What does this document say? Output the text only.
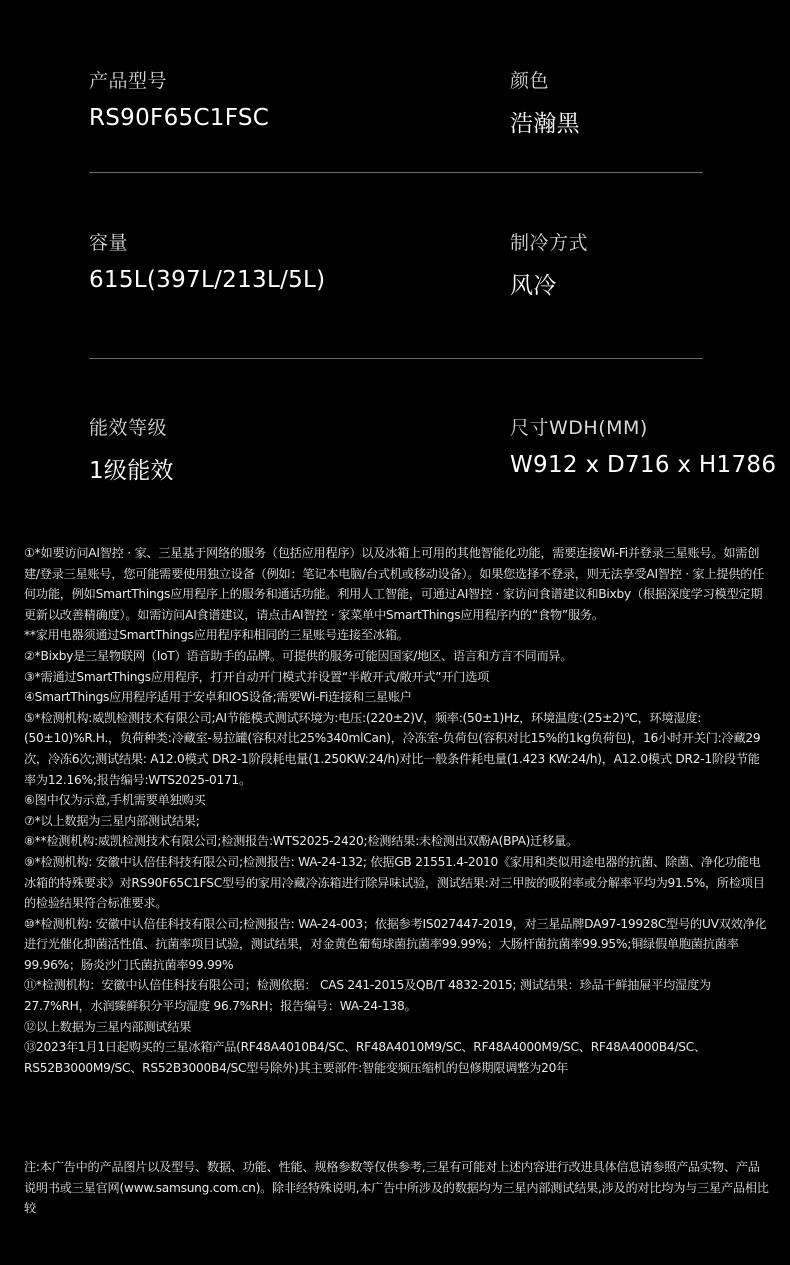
产品型号
RS90F65C1FSC
颜色
浩瀚黑
容量
615L(397L/213L/5L)
制冷方式
风冷
能效等级
1级能效
尺寸WDH(MM)
W912 x D716 x H1786

①*如要访问AI智控 · 家、三星基于网络的服务（包括应用程序）以及冰箱上可用的其他智能化功能，需要连接Wi-Fi并登录三星账号。如需创建/登录三星账号，您可能需要使用独立设备（例如：笔记本电脑/台式机或移动设备）。如果您选择不登录，则无法享受AI智控 · 家上提供的任何功能，例如SmartThings应用程序上的服务和通话功能。利用人工智能，可通过AI智控 · 家访问食谱建议和Bixby（根据深度学习模型定期更新以改善精确度）。如需访问AI食谱建议，请点击AI智控 · 家菜单中SmartThings应用程序内的“食物”服务。

**家用电器须通过SmartThings应用程序和相同的三星账号连接至冰箱。

②*Bixby是三星物联网（IoT）语音助手的品牌。可提供的服务可能因国家/地区、语言和方言不同而异。

③*需通过SmartThings应用程序，打开自动开门模式并设置“半敞开式/敞开式”开门选项

④SmartThings应用程序适用于安卓和IOS设备;需要Wi-Fi连接和三星账户

⑤*检测机构:威凯检测技术有限公司;AI节能模式测试环境为:电压:(220±2)V，频率:(50±1)Hz，环境温度:(25±2)℃，环境湿度:(50±10)%R.H.，负荷种类:冷藏室-易拉罐(容积对比25%340mlCan)，冷冻室-负荷包(容积对比15%的1kg负荷包)，16小时开关门:冷藏29次，冷冻6次;测试结果: A12.0模式 DR2-1阶段耗电量(1.250KW:24/h)对比一般条件耗电量(1.423 KW:24/h)，A12.0模式 DR2-1阶段节能率为12.16%;报告编号:WTS2025-0171。

⑥图中仅为示意,手机需要单独购买

⑦*以上数据为三星内部测试结果;

⑧**检测机构:威凯检测技术有限公司;检测报告:WTS2025-2420;检测结果:未检测出双酚A(BPA)迁移量。

⑨*检测机构: 安徽中认倍佳科技有限公司;检测报告: WA-24-132; 依据GB 21551.4-2010《家用和类似用途电器的抗菌、除菌、净化功能电冰箱的特殊要求》对RS90F65C1FSC型号的家用冷藏冷冻箱进行除异味试验，测试结果:对三甲胺的吸附率或分解率平均为91.5%，所检项目的检验结果符合标准要求。

⑩*检测机构: 安徽中认倍佳科技有限公司;检测报告: WA-24-003；依据参考IS027447-2019，对三星品牌DA97-19928C型号的UV双效净化进行光催化抑菌活性值、抗菌率项目试验，测试结果，对金黄色葡萄球菌抗菌率99.99%；大肠杆菌抗菌率99.95%;铜绿假单胞菌抗菌率99.96%；肠炎沙门氏菌抗菌率99.99%

⑪*检测机构：安徽中认倍佳科技有限公司；检测依据： CAS 241-2015及QB/T 4832-2015; 测试结果：珍品干鲜抽屉平均湿度为27.7%RH，水润臻鲜积分平均湿度 96.7%RH；报告编号：WA-24-138。

⑫以上数据为三星内部测试结果

⑬2023年1月1日起购买的三星冰箱产品(RF48A4010B4/SC、RF48A4010M9/SC、RF48A4000M9/SC、RF48A4000B4/SC、RS52B3000M9/SC、RS52B3000B4/SC型号除外)其主要部件:智能变频压缩机的包修期限调整为20年

注:本广告中的产品图片以及型号、数据、功能、性能、规格参数等仅供参考,三星有可能对上述内容进行改进具体信息请参照产品实物、产品说明书或三星官网(www.samsung.com.cn)。除非经特殊说明,本广告中所涉及的数据均为三星内部测试结果,涉及的对比均为与三星产品相比较
